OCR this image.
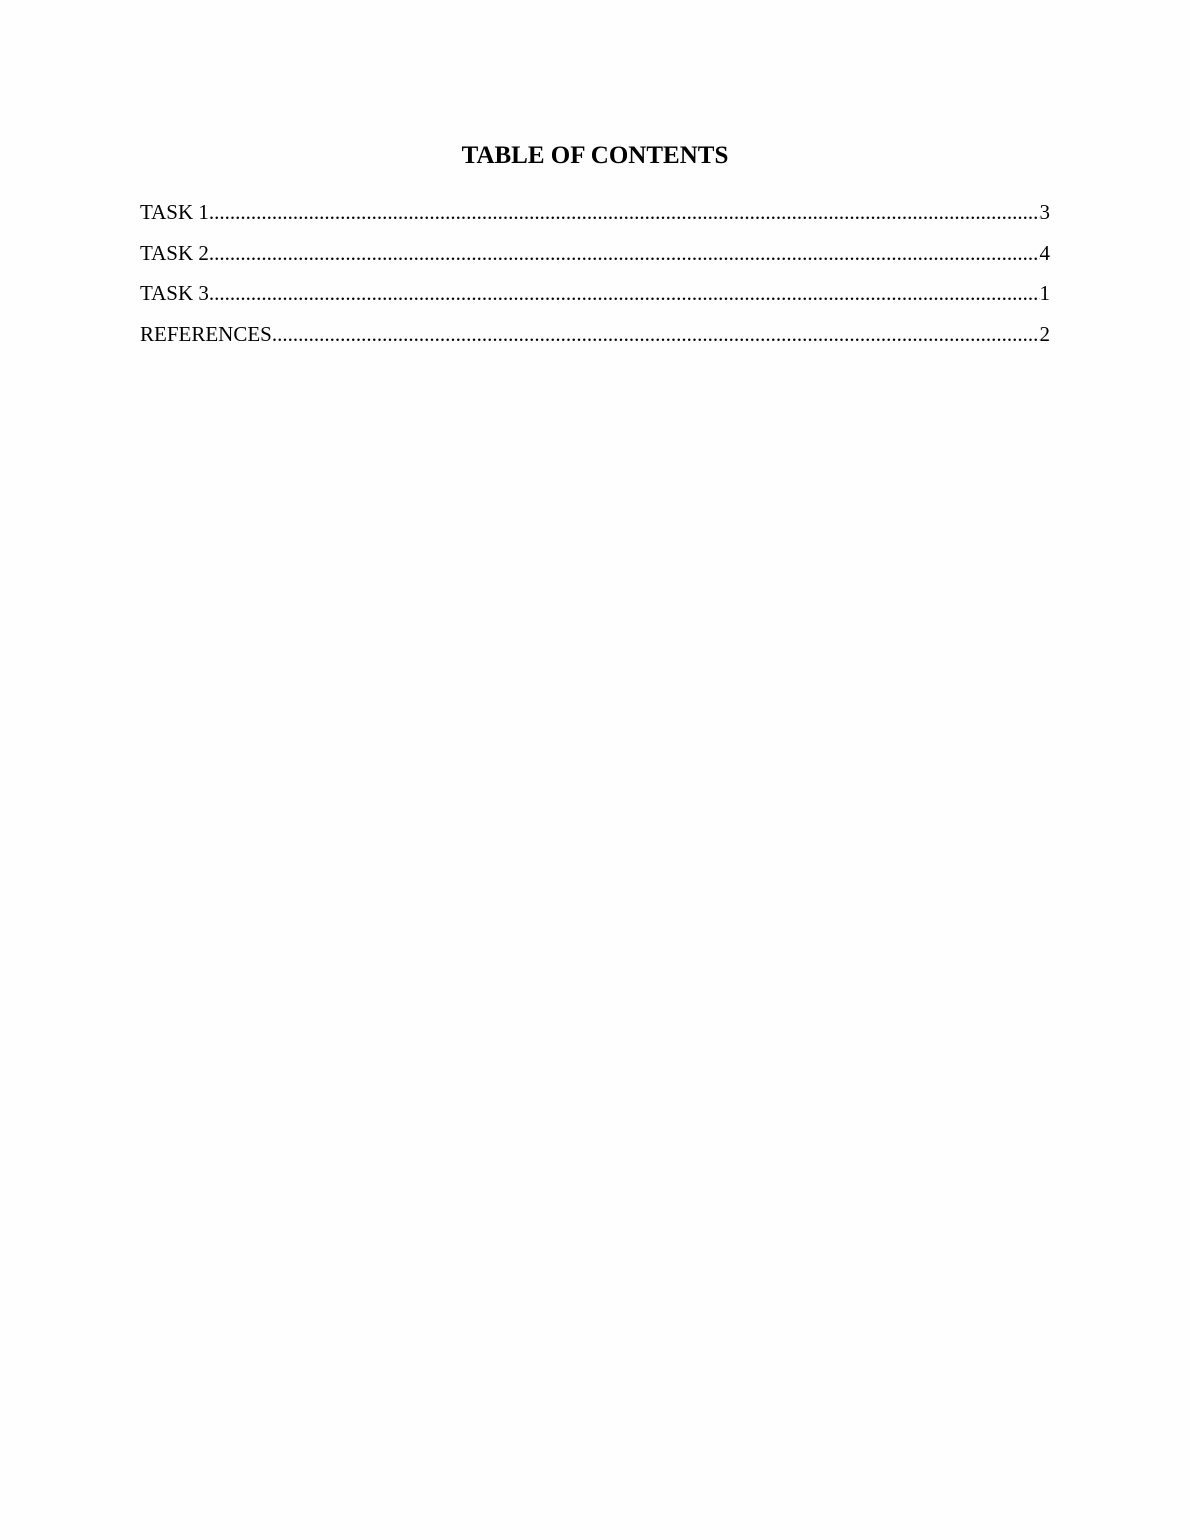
TABLE OF CONTENTS
TASK 1 .....	3
TASK 2 .....	4
TASK 3 .....	1
REFERENCES .....	2
